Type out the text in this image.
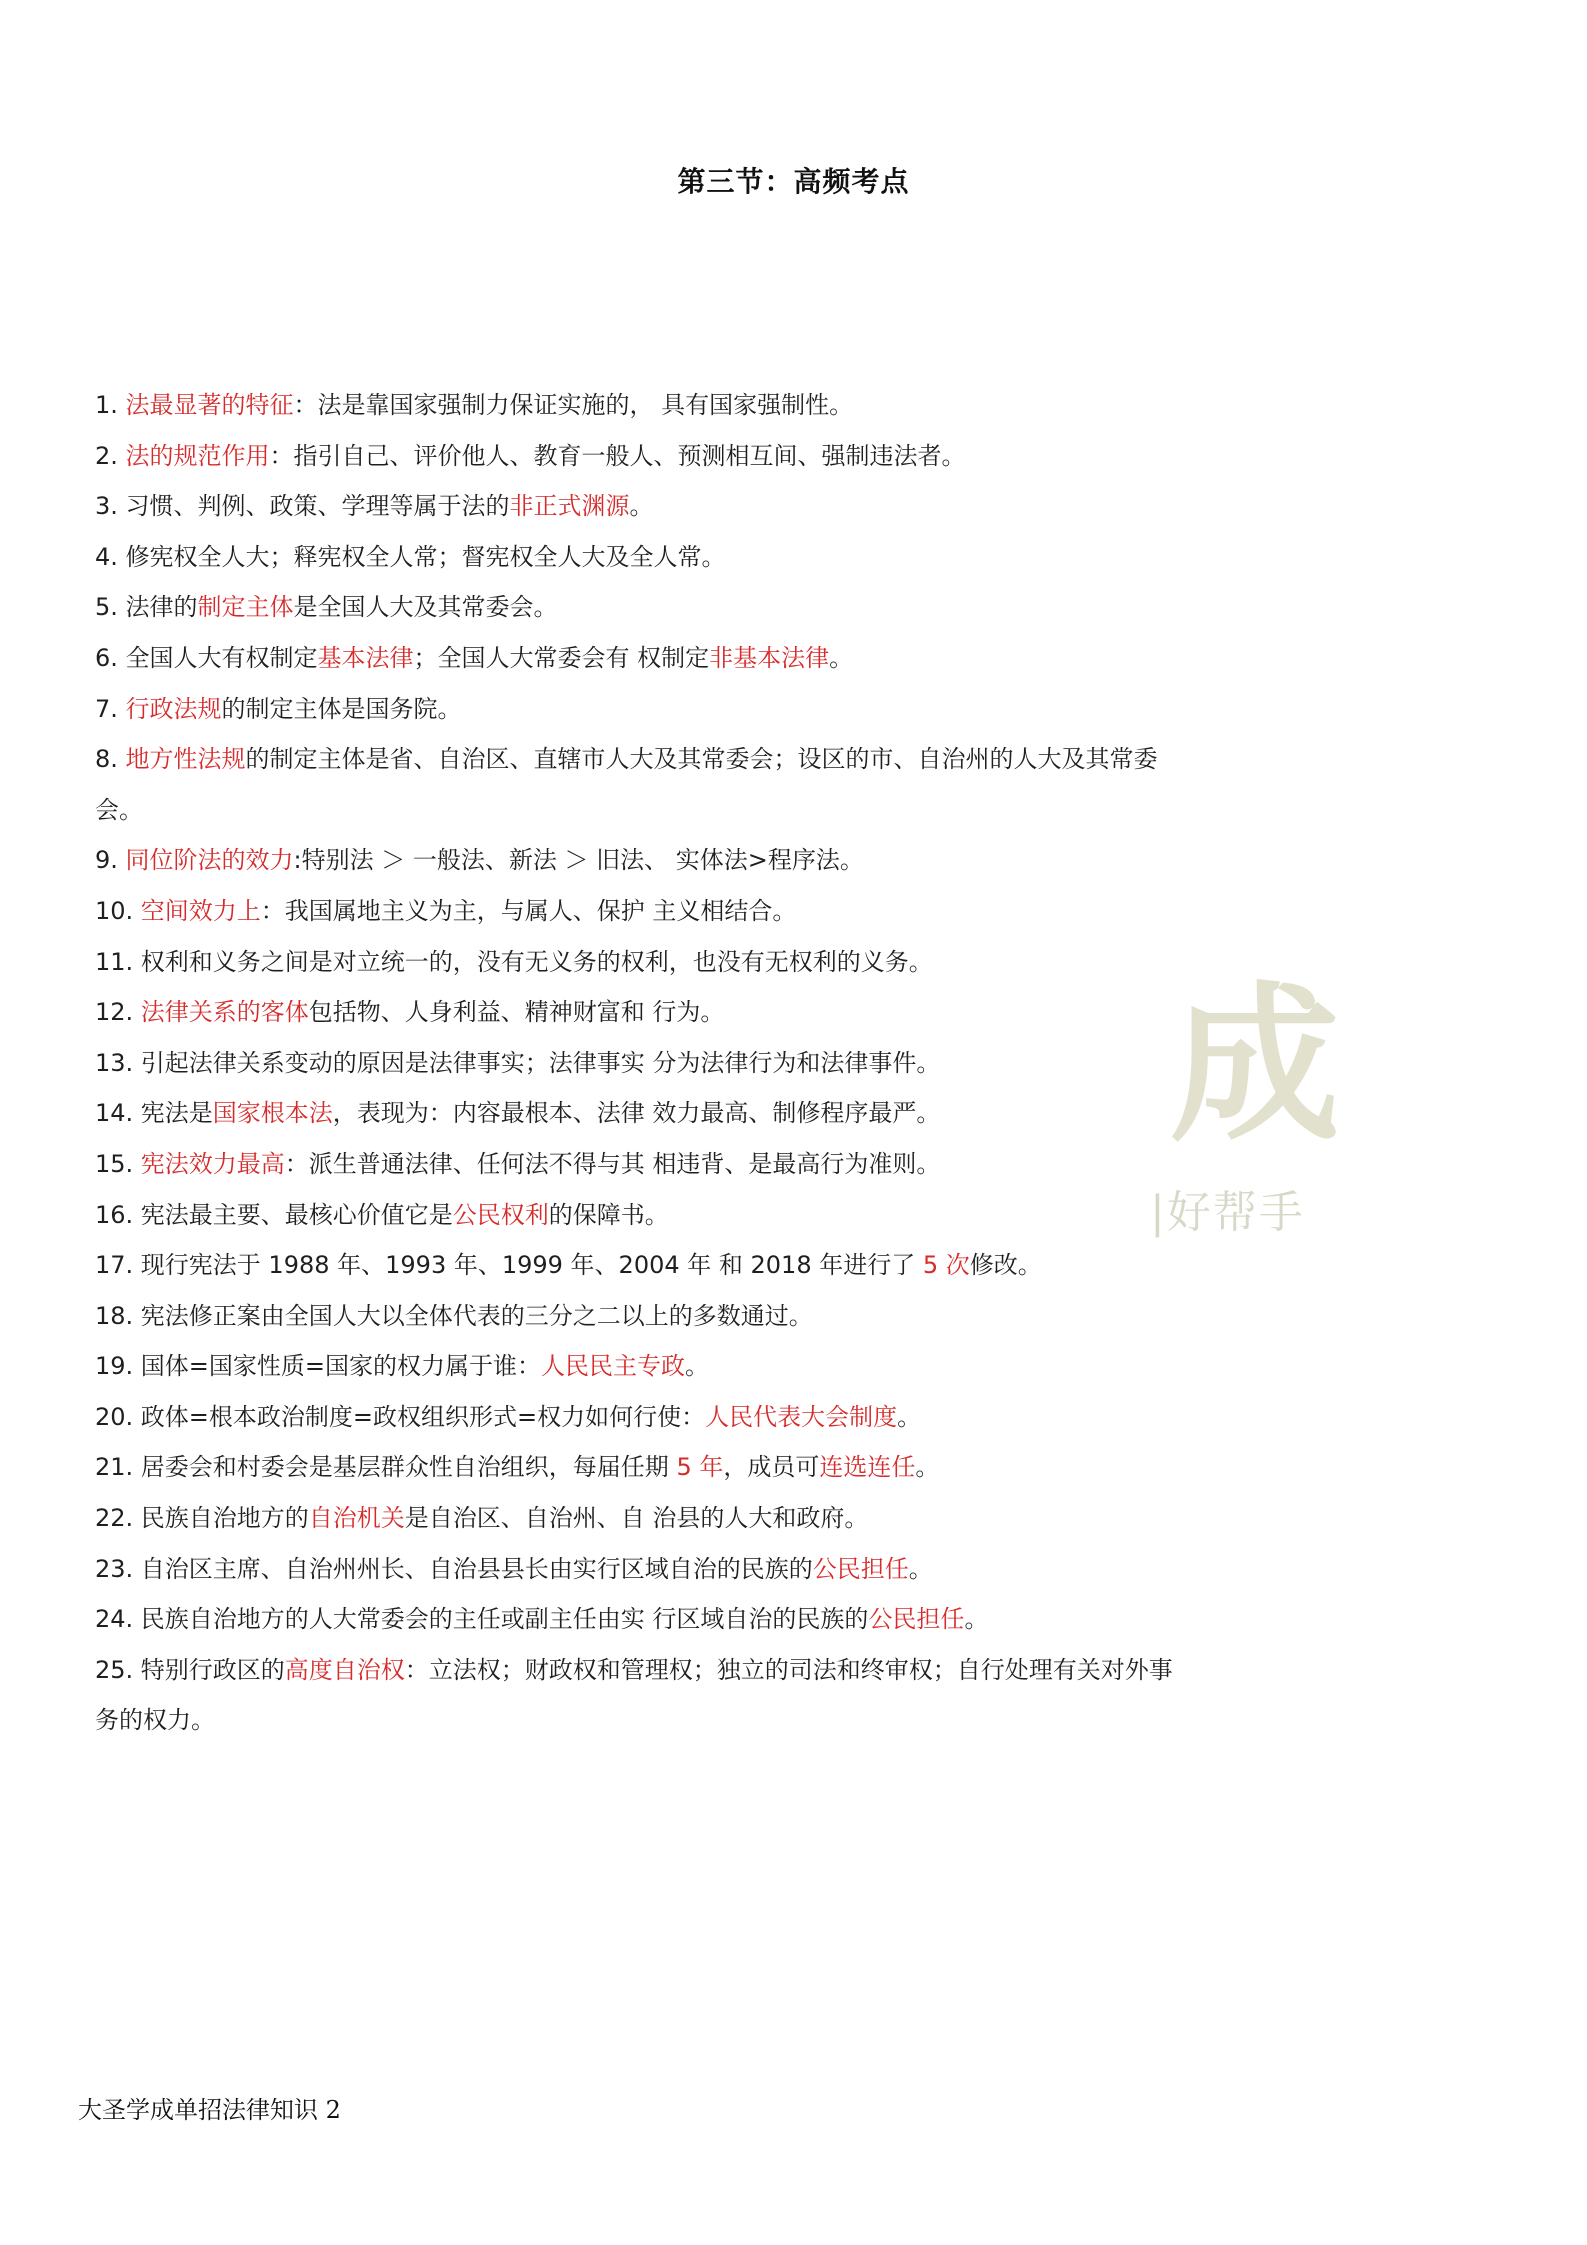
第三节：高频考点
1. 法最显著的特征：法是靠国家强制力保证实施的， 具有国家强制性。
2. 法的规范作用：指引自己、评价他人、教育一般人、预测相互间、强制违法者。
3. 习惯、判例、政策、学理等属于法的非正式渊源。
4. 修宪权全人大；释宪权全人常；督宪权全人大及全人常。
5. 法律的制定主体是全国人大及其常委会。
6. 全国人大有权制定基本法律；全国人大常委会有 权制定非基本法律。
7. 行政法规的制定主体是国务院。
8. 地方性法规的制定主体是省、自治区、直辖市人大及其常委会；设区的市、自治州的人大及其常委会。
9. 同位阶法的效力:特别法 ＞ 一般法、新法 ＞ 旧法、 实体法>程序法。
10. 空间效力上：我国属地主义为主，与属人、保护 主义相结合。
11. 权利和义务之间是对立统一的，没有无义务的权利，也没有无权利的义务。
12. 法律关系的客体包括物、人身利益、精神财富和 行为。
13. 引起法律关系变动的原因是法律事实；法律事实 分为法律行为和法律事件。
14. 宪法是国家根本法，表现为：内容最根本、法律 效力最高、制修程序最严。
15. 宪法效力最高：派生普通法律、任何法不得与其 相违背、是最高行为准则。
16. 宪法最主要、最核心价值它是公民权利的保障书。
17. 现行宪法于 1988 年、1993 年、1999 年、2004 年 和 2018 年进行了 5 次修改。
18. 宪法修正案由全国人大以全体代表的三分之二以上的多数通过。
19. 国体=国家性质=国家的权力属于谁：人民民主专政。
20. 政体=根本政治制度=政权组织形式=权力如何行使：人民代表大会制度。
21. 居委会和村委会是基层群众性自治组织，每届任期 5 年，成员可连选连任。
22. 民族自治地方的自治机关是自治区、自治州、自 治县的人大和政府。
23. 自治区主席、自治州州长、自治县县长由实行区域自治的民族的公民担任。
24. 民族自治地方的人大常委会的主任或副主任由实 行区域自治的民族的公民担任。
25. 特别行政区的高度自治权：立法权；财政权和管理权；独立的司法和终审权；自行处理有关对外事务的权力。
成
|好帮手
大圣学成单招法律知识 2
